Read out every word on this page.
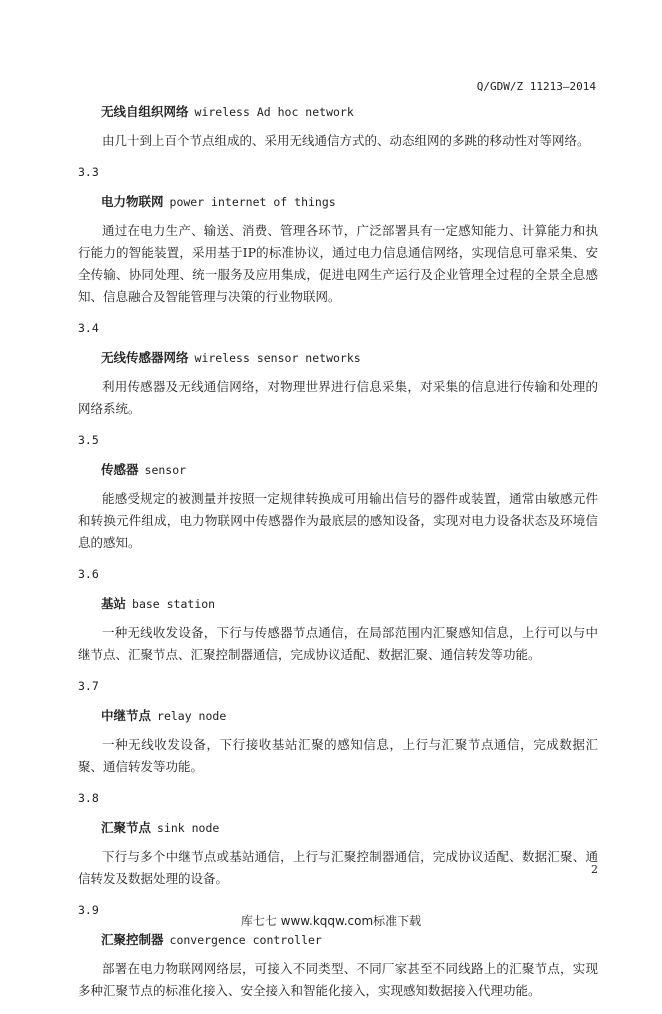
Q/GDW/Z 11213—2014
无线自组织网络 wireless Ad hoc network

由几十到上百个节点组成的、采用无线通信方式的、动态组网的多跳的移动性对等网络。

3.3
电力物联网 power internet of things

通过在电力生产、输送、消费、管理各环节，广泛部署具有一定感知能力、计算能力和执行能力的智能装置，采用基于IP的标准协议，通过电力信息通信网络，实现信息可靠采集、安全传输、协同处理、统一服务及应用集成，促进电网生产运行及企业管理全过程的全景全息感知、信息融合及智能管理与决策的行业物联网。

3.4
无线传感器网络 wireless sensor networks

利用传感器及无线通信网络，对物理世界进行信息采集，对采集的信息进行传输和处理的网络系统。

3.5
传感器 sensor

能感受规定的被测量并按照一定规律转换成可用输出信号的器件或装置，通常由敏感元件和转换元件组成，电力物联网中传感器作为最底层的感知设备，实现对电力设备状态及环境信息的感知。

3.6
基站 base station

一种无线收发设备，下行与传感器节点通信，在局部范围内汇聚感知信息，上行可以与中继节点、汇聚节点、汇聚控制器通信，完成协议适配、数据汇聚、通信转发等功能。

3.7
中继节点 relay node

一种无线收发设备，下行接收基站汇聚的感知信息，上行与汇聚节点通信，完成数据汇聚、通信转发等功能。

3.8
汇聚节点 sink node

下行与多个中继节点或基站通信，上行与汇聚控制器通信，完成协议适配、数据汇聚、通信转发及数据处理的设备。

3.9
汇聚控制器 convergence controller

部署在电力物联网网络层，可接入不同类型、不同厂家甚至不同线路上的汇聚节点，实现多种汇聚节点的标准化接入、安全接入和智能化接入，实现感知数据接入代理功能。

2
库七七 www.kqqw.com标准下载
